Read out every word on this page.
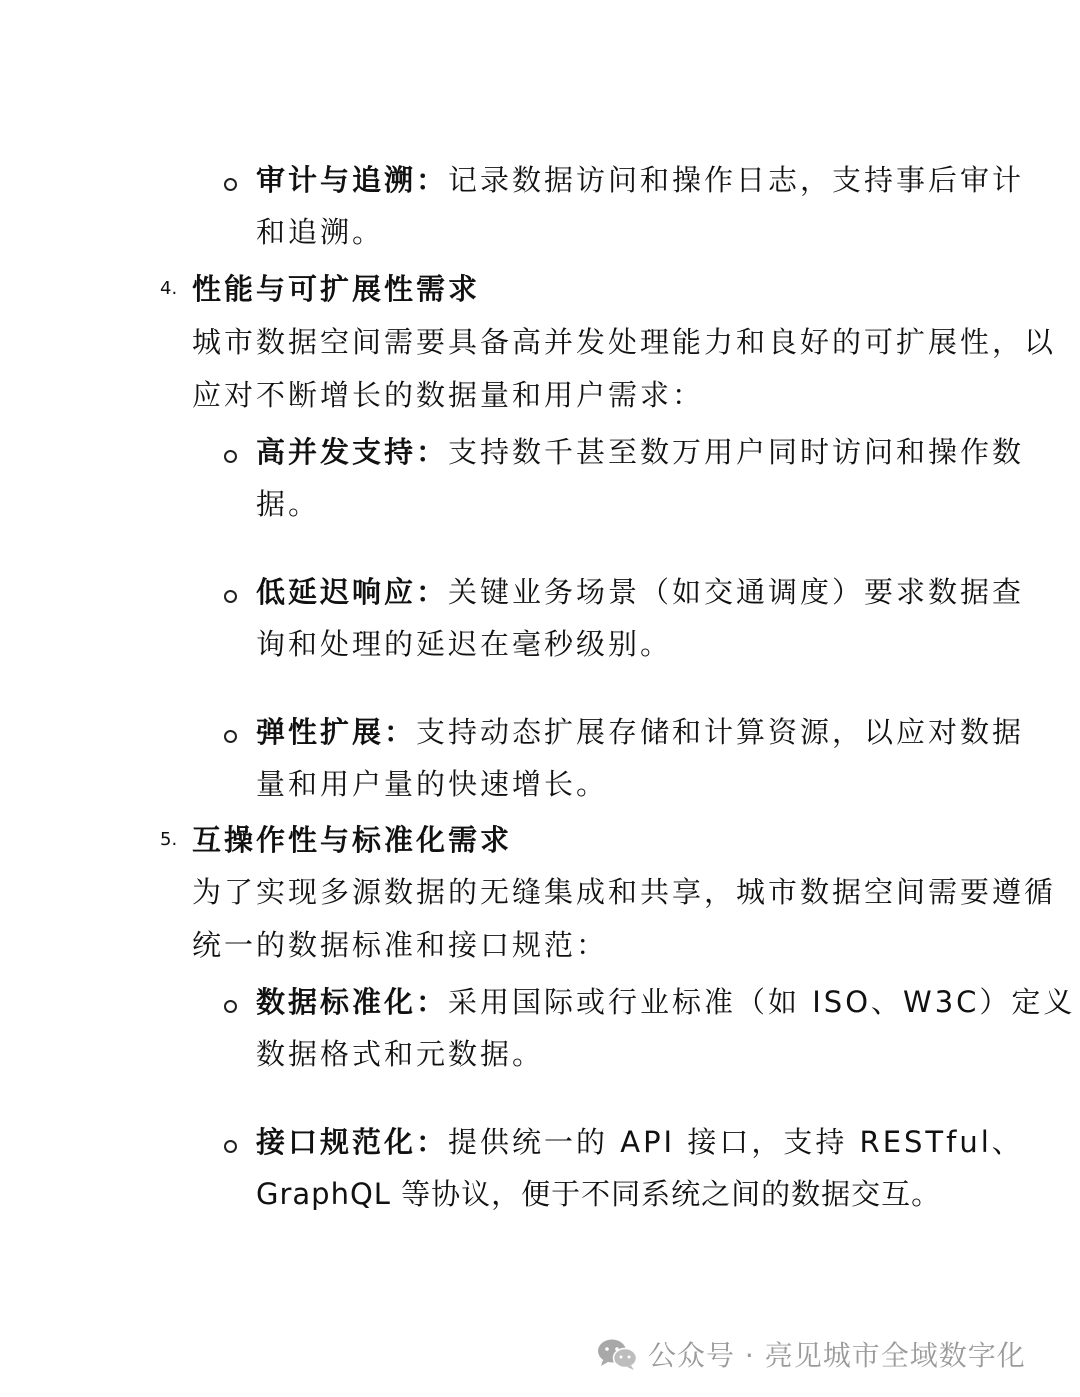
审计与追溯：记录数据访问和操作日志，支持事后审计
和追溯。
4. 性能与可扩展性需求
城市数据空间需要具备高并发处理能力和良好的可扩展性，以
应对不断增长的数据量和用户需求：
高并发支持：支持数千甚至数万用户同时访问和操作数
据。
低延迟响应：关键业务场景（如交通调度）要求数据查
询和处理的延迟在毫秒级别。
弹性扩展：支持动态扩展存储和计算资源，以应对数据
量和用户量的快速增长。
5. 互操作性与标准化需求
为了实现多源数据的无缝集成和共享，城市数据空间需要遵循
统一的数据标准和接口规范：
数据标准化：采用国际或行业标准（如 ISO、W3C）定义
数据格式和元数据。
接口规范化：提供统一的 API 接口，支持 RESTful、
GraphQL 等协议，便于不同系统之间的数据交互。
公众号 · 亮见城市全域数字化
